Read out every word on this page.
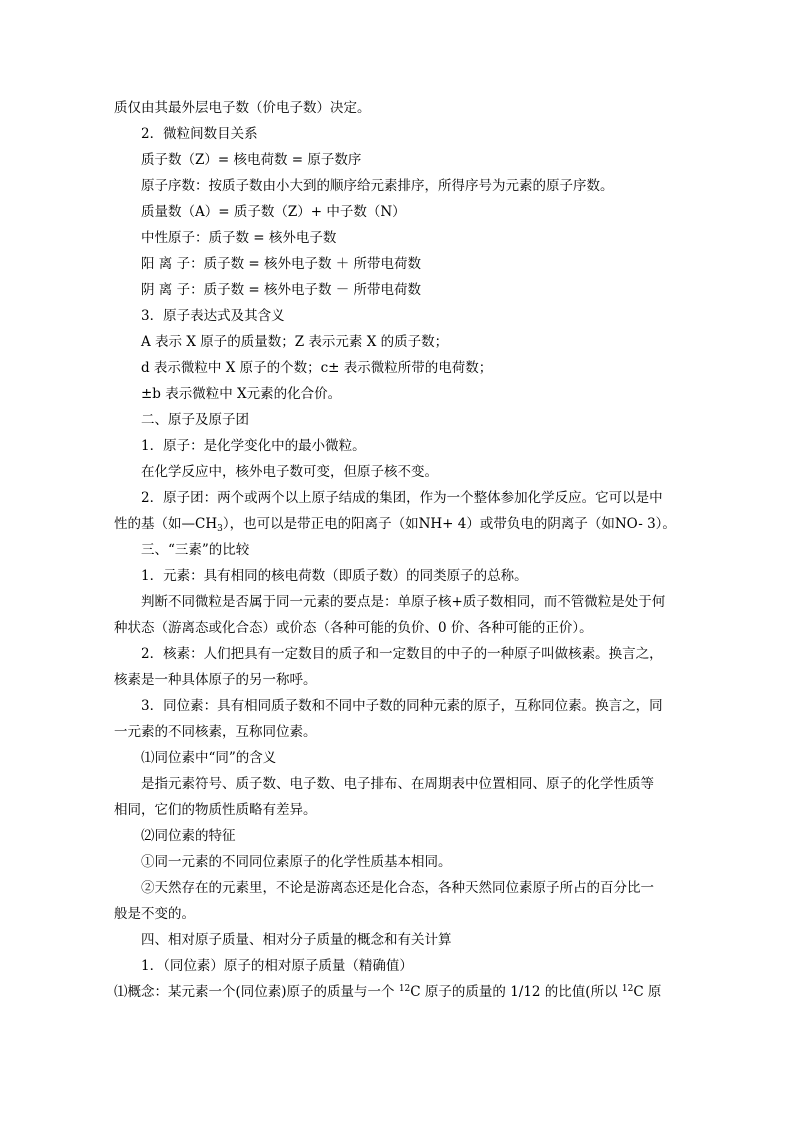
质仅由其最外层电子数（价电子数）决定。
2．微粒间数目关系
质子数（Z）= 核电荷数 = 原子数序
原子序数：按质子数由小大到的顺序给元素排序，所得序号为元素的原子序数。
质量数（A）= 质子数（Z）+ 中子数（N）
中性原子：质子数 = 核外电子数
阳 离 子：质子数 = 核外电子数 ＋ 所带电荷数
阴 离 子：质子数 = 核外电子数 － 所带电荷数
3．原子表达式及其含义
A 表示 X 原子的质量数；Z 表示元素 X 的质子数；
d 表示微粒中 X 原子的个数；c± 表示微粒所带的电荷数；
±b 表示微粒中 X元素的化合价。
二、原子及原子团
1．原子：是化学变化中的最小微粒。
在化学反应中，核外电子数可变，但原子核不变。
2．原子团：两个或两个以上原子结成的集团，作为一个整体参加化学反应。它可以是中
性的基（如$—CH_3$），也可以是带正电的阳离子（如NH+ 4）或带负电的阴离子（如NO- 3）。
三、“三素”的比较
1．元素：具有相同的核电荷数（即质子数）的同类原子的总称。
判断不同微粒是否属于同一元素的要点是：单原子核+质子数相同，而不管微粒是处于何
种状态（游离态或化合态）或价态（各种可能的负价、0 价、各种可能的正价）。
2．核素：人们把具有一定数目的质子和一定数目的中子的一种原子叫做核素。换言之，
核素是一种具体原子的另一称呼。
3．同位素：具有相同质子数和不同中子数的同种元素的原子，互称同位素。换言之，同
一元素的不同核素，互称同位素。
⑴同位素中“同”的含义
是指元素符号、质子数、电子数、电子排布、在周期表中位置相同、原子的化学性质等
相同，它们的物质性质略有差异。
⑵同位素的特征
①同一元素的不同同位素原子的化学性质基本相同。
②天然存在的元素里，不论是游离态还是化合态，各种天然同位素原子所占的百分比一
般是不变的。
四、相对原子质量、相对分子质量的概念和有关计算
1．（同位素）原子的相对原子质量（精确值）
⑴概念：某元素一个(同位素)原子的质量与一个 $^{12}$C 原子的质量的 1/12 的比值(所以 $^{12}$C 原
